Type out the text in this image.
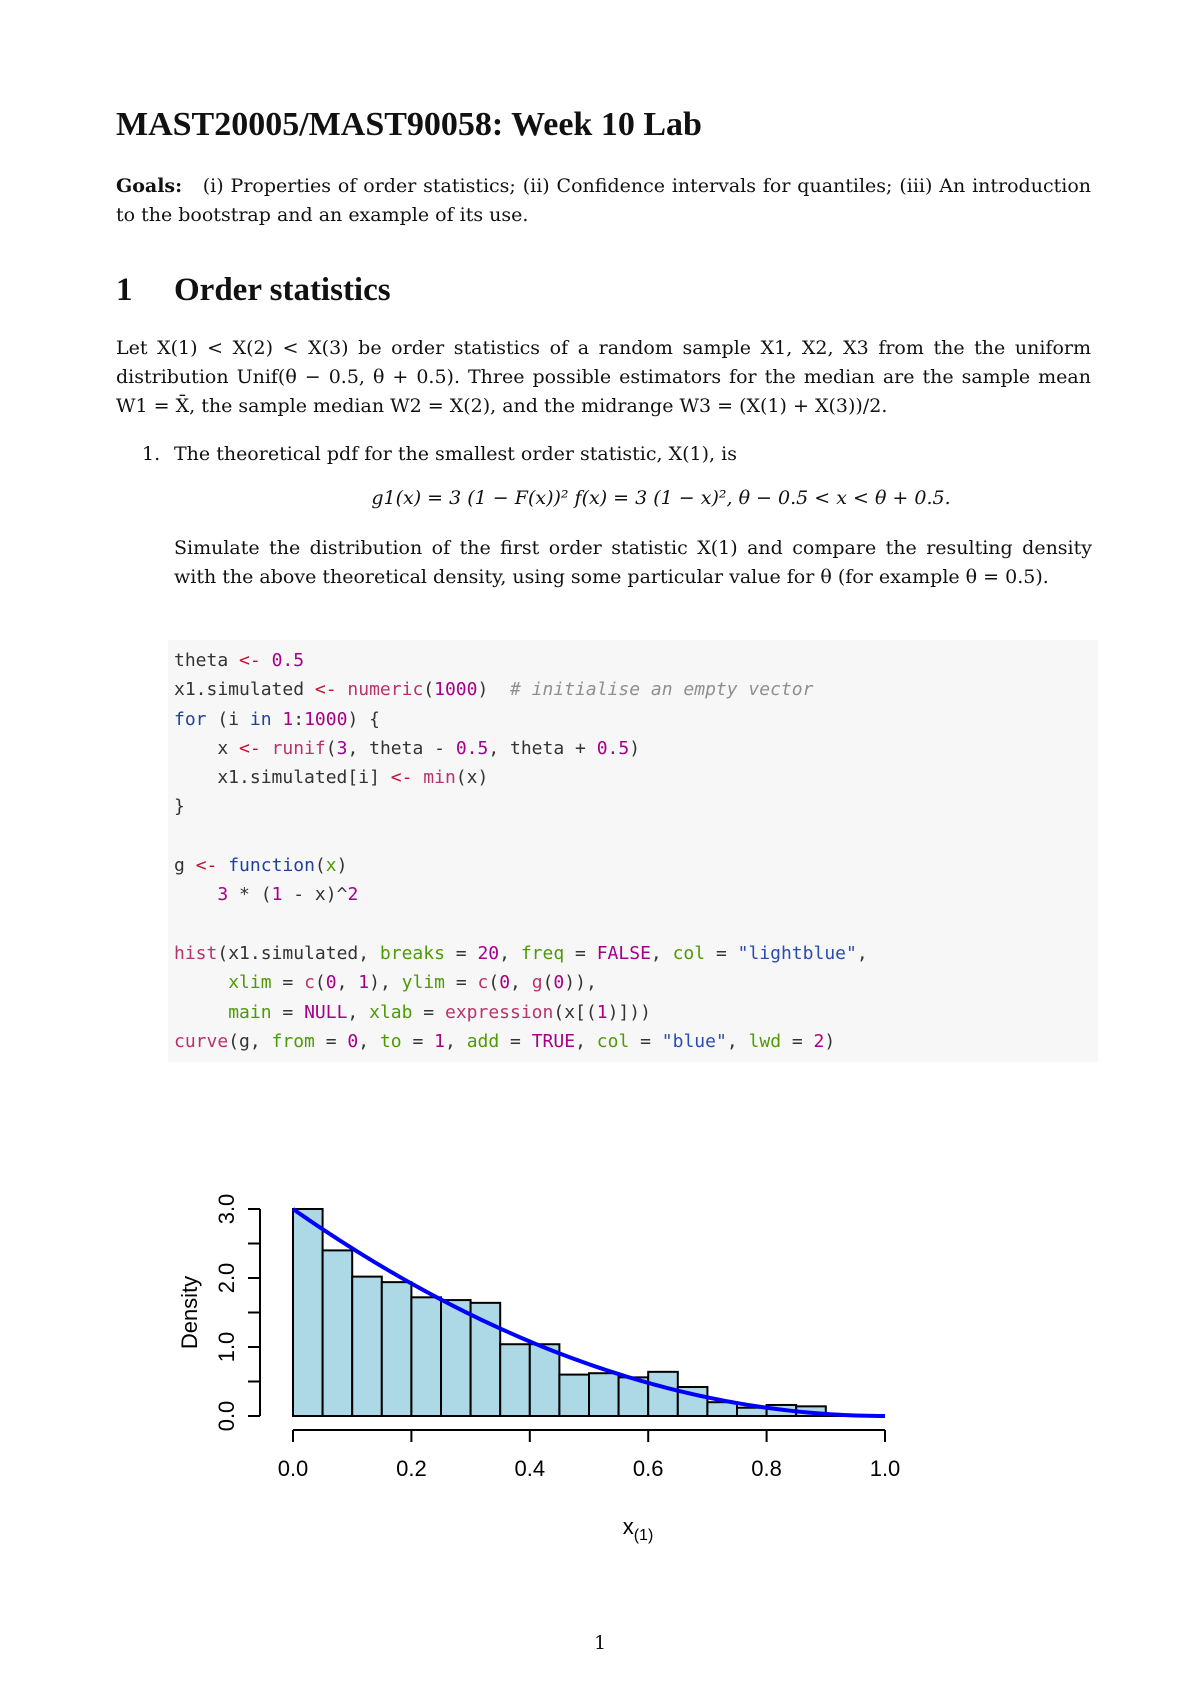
MAST20005/MAST90058: Week 10 Lab

Goals: (i) Properties of order statistics; (ii) Confidence intervals for quantiles; (iii) An introduction to the bootstrap and an example of its use.

1 Order statistics

Let X(1) < X(2) < X(3) be order statistics of a random sample X1, X2, X3 from the the uniform distribution Unif(θ − 0.5, θ + 0.5). Three possible estimators for the median are the sample mean W1 = X̄, the sample median W2 = X(2), and the midrange W3 = (X(1) + X(3))/2.

1. The theoretical pdf for the smallest order statistic, X(1), is

g1(x) = 3 (1 − F(x))² f(x) = 3 (1 − x)², θ − 0.5 < x < θ + 0.5.

Simulate the distribution of the first order statistic X(1) and compare the resulting density with the above theoretical density, using some particular value for θ (for example θ = 0.5).

theta <- 0.5
x1.simulated <- numeric(1000)  # initialise an empty vector
for (i in 1:1000) {
x <- runif(3, theta - 0.5, theta + 0.5)
x1.simulated[i] <- min(x)
}

g <- function(x)
3 * (1 - x)^2

hist(x1.simulated, breaks = 20, freq = FALSE, col = "lightblue",
xlim = c(0, 1), ylim = c(0, g(0)),
main = NULL, xlab = expression(x[(1)]))
curve(g, from = 0, to = 1, add = TRUE, col = "blue", lwd = 2)
0.0
1.0
2.0
3.0
0.0	0.2	0.4	0.6	0.8	1.0
Density
$x_{(1)}$

1
